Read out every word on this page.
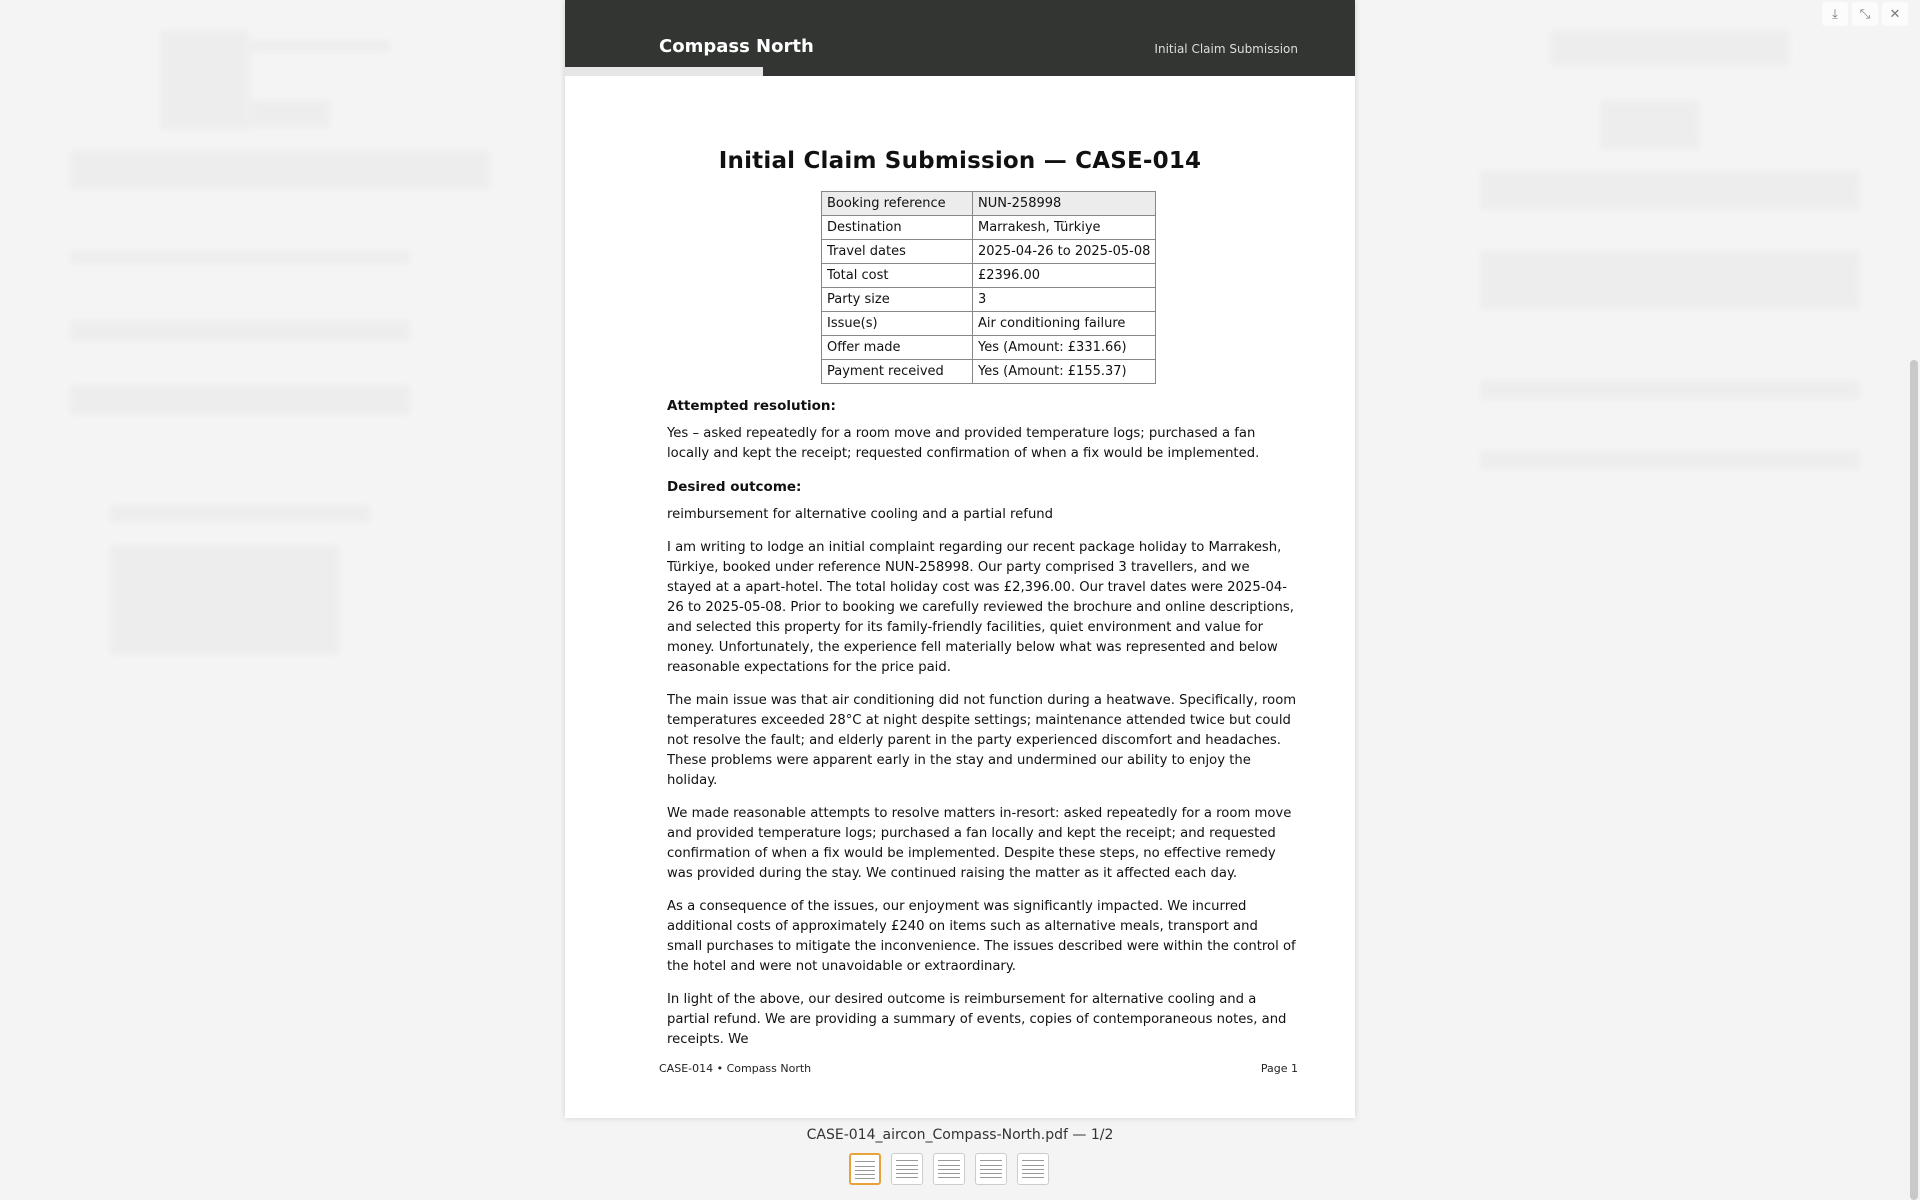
⤓	⤡	✕
Compass North	Initial Claim Submission
Initial Claim Submission — CASE-014
Booking reference	NUN-258998
Destination	Marrakesh, Türkiye
Travel dates	2025-04-26 to 2025-05-08
Total cost	£2396.00
Party size	3
Issue(s)	Air conditioning failure
Offer made	Yes (Amount: £331.66)
Payment received	Yes (Amount: £155.37)
Attempted resolution:

Yes – asked repeatedly for a room move and provided temperature logs; purchased a fan locally and kept the receipt; requested confirmation of when a fix would be implemented.

Desired outcome:

reimbursement for alternative cooling and a partial refund

I am writing to lodge an initial complaint regarding our recent package holiday to Marrakesh, Türkiye, booked under reference NUN-258998. Our party comprised 3 travellers, and we stayed at a apart-hotel. The total holiday cost was £2,396.00. Our travel dates were 2025-04-26 to 2025-05-08. Prior to booking we carefully reviewed the brochure and online descriptions, and selected this property for its family-friendly facilities, quiet environment and value for money. Unfortunately, the experience fell materially below what was represented and below reasonable expectations for the price paid.

The main issue was that air conditioning did not function during a heatwave. Specifically, room temperatures exceeded 28°C at night despite settings; maintenance attended twice but could not resolve the fault; and elderly parent in the party experienced discomfort and headaches. These problems were apparent early in the stay and undermined our ability to enjoy the holiday.

We made reasonable attempts to resolve matters in-resort: asked repeatedly for a room move and provided temperature logs; purchased a fan locally and kept the receipt; and requested confirmation of when a fix would be implemented. Despite these steps, no effective remedy was provided during the stay. We continued raising the matter as it affected each day.

As a consequence of the issues, our enjoyment was significantly impacted. We incurred additional costs of approximately £240 on items such as alternative meals, transport and small purchases to mitigate the inconvenience. The issues described were within the control of the hotel and were not unavoidable or extraordinary.

In light of the above, our desired outcome is reimbursement for alternative cooling and a partial refund. We are providing a summary of events, copies of contemporaneous notes, and receipts. We

CASE-014 • Compass North	Page 1
CASE-014_aircon_Compass-North.pdf — 1/2
